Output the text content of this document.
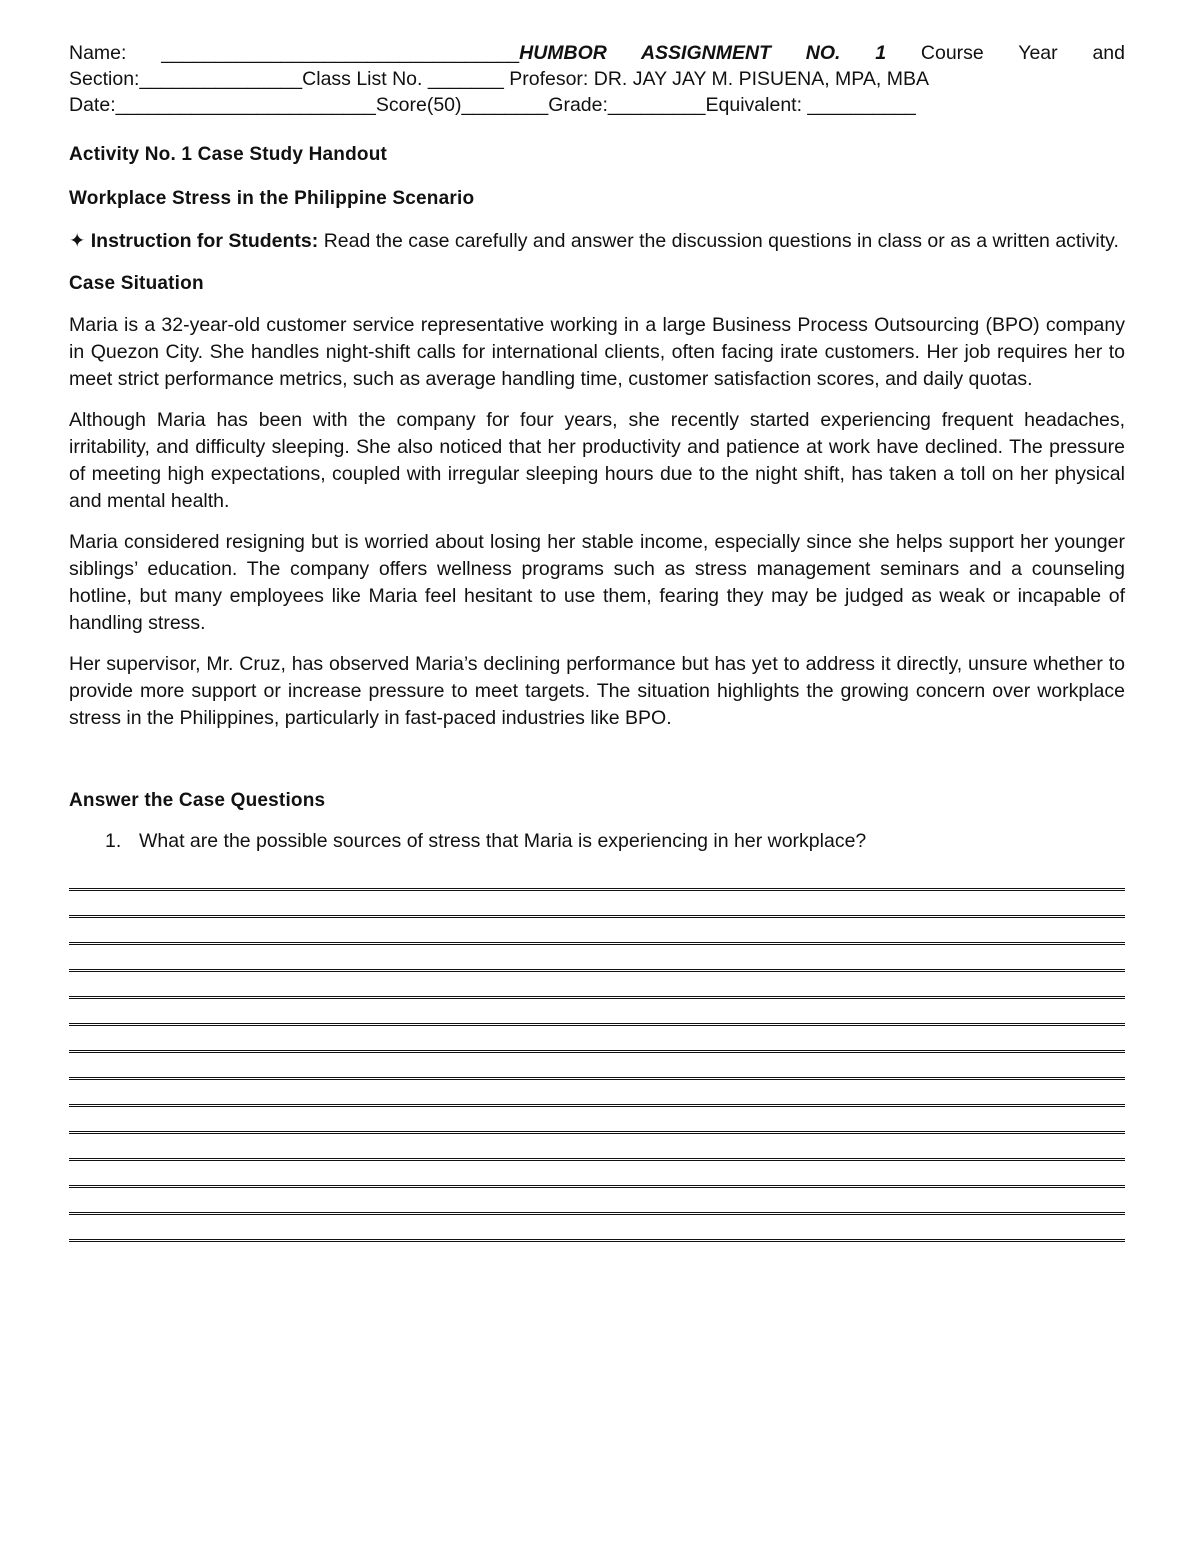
Name: _________________________________HUMBOR ASSIGNMENT NO. 1 Course Year and
Section:_______________Class List No. _______ Profesor: DR. JAY JAY M. PISUENA, MPA, MBA
Date:________________________Score(50)________Grade:_________Equivalent: __________
Activity No. 1 Case Study Handout
Workplace Stress in the Philippine Scenario

✦ Instruction for Students: Read the case carefully and answer the discussion questions in class or as a written activity.

Case Situation

Maria is a 32-year-old customer service representative working in a large Business Process Outsourcing (BPO) company in Quezon City. She handles night-shift calls for international clients, often facing irate customers. Her job requires her to meet strict performance metrics, such as average handling time, customer satisfaction scores, and daily quotas.

Although Maria has been with the company for four years, she recently started experiencing frequent headaches, irritability, and difficulty sleeping. She also noticed that her productivity and patience at work have declined. The pressure of meeting high expectations, coupled with irregular sleeping hours due to the night shift, has taken a toll on her physical and mental health.

Maria considered resigning but is worried about losing her stable income, especially since she helps support her younger siblings’ education. The company offers wellness programs such as stress management seminars and a counseling hotline, but many employees like Maria feel hesitant to use them, fearing they may be judged as weak or incapable of handling stress.

Her supervisor, Mr. Cruz, has observed Maria’s declining performance but has yet to address it directly, unsure whether to provide more support or increase pressure to meet targets. The situation highlights the growing concern over workplace stress in the Philippines, particularly in fast-paced industries like BPO.

Answer the Case Questions
1. What are the possible sources of stress that Maria is experiencing in her workplace?
